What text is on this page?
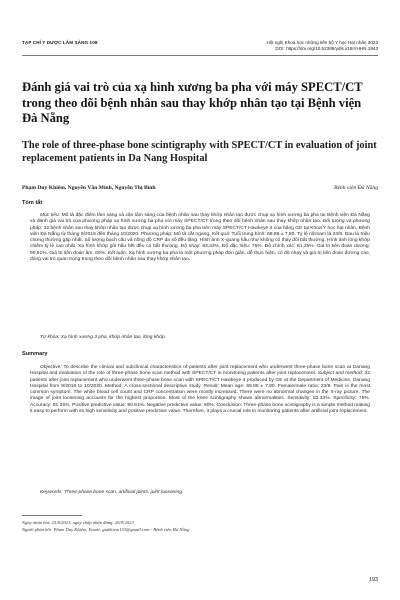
TẠP CHÍ Y DƯỢC LÂM SÀNG 108	Hội nghị Khoa học những tiến bộ Y học Hạt nhân 2023
DOI: https://doi.org/10.52389/ydls.v18iYHHN.1943
Đánh giá vai trò của xạ hình xương ba pha với máy SPECT/CT trong theo dõi bệnh nhân sau thay khớp nhân tạo tại Bệnh viện Đà Nẵng
The role of three-phase bone scintigraphy with SPECT/CT in evaluation of joint replacement patients in Da Nang Hospital
Phạm Duy Khiêm, Nguyễn Văn Minh, Nguyễn Thị Bình	Bệnh viện Đà Nẵng
Tóm tắt
Mục tiêu: Mô tả đặc điểm lâm sàng và cận lâm sàng của bệnh nhân sau thay khớp nhân tạo được chụp xạ hình xương ba pha tại Bệnh viện Đà Nẵng và đánh giá vai trò của phương pháp xạ hình xương ba pha với máy SPECT/CT trong theo dõi bệnh nhân sau thay khớp nhân tạo. Đối tượng và phương pháp: 32 bệnh nhân sau thay khớp nhân tạo được chụp xạ hình xương ba pha trên máy SPECT/CT Hawkeye 4 của hãng GE tại Khoa Y học hạt nhân, Bệnh viện Đà Nẵng từ tháng 9/2016 đến tháng 10/2020. Phương pháp: Mô tả cắt ngang. Kết quả: Tuổi trung bình: 69,88 ± 7,80. Tỷ lệ nữ/nam là 23/9. Đau là triệu chứng thường gặp nhất. Số lượng bạch cầu và nồng độ CRP đa số đều tăng. Hình ảnh X-quang hầu như không có thay đổi bất thường. Hình ảnh lỏng khớp chiếm tỷ lệ cao nhất. Xạ hình khớp gối hầu hết đều có bất thường. Độ nhạy: 83,33%. Độ đặc hiệu: 75%. Độ chính xác: 81,25%. Giá trị tiên đoán dương: 90,91%. Giá trị tiên đoán âm: 60%. Kết luận: Xạ hình xương ba pha là một phương pháp đơn giản, dễ thực hiện, có độ nhạy và giá trị tiên đoán dương cao, đóng vai trò quan trọng trong theo dõi bệnh nhân sau thay khớp nhân tạo.
Từ khóa: Xạ hình xương 3 pha, khớp nhân tạo, lỏng khớp.
Summary
Objective: To describe the clinical and subclinical characteristics of patients after joint replacement who underwent three-phase bone scan at Danang Hospital and evaluation of the role of three-phase bone scan method with SPECT/CT in monitoring patients after joint replacement. Subject and method: 32 patients after joint replacement who underwent three-phase bone scan with SPECT/CT Hawkeye 4 produced by GE at the Department of Medicine, Danang Hospital from 9/2016 to 10/2020. Method: A cross-sectional descriptive study. Result: Mean age: 69.88 ± 7.80. Female/male ratio: 23/9. Pain is the most common symptom. The white blood cell count and CRP concentration were mostly increased. There were no abnormal changes in the X-ray picture. The image of joint loosening accounts for the highest proportion. Most of the knee scintigraphy shows abnormalities. Sensitivity: 83.33%. Specificity: 75%. Accuracy: 81.25%. Positive predictive value: 90.91%. Negative predictive value: 60%. Conclusion: Three-phase bone scintigraphy is a simple method making it easy to perform with its high sensitivity and positive predictive value. Therefore, it plays a crucial role in monitoring patients after artificial joint replacement.
Keywords: Three-phase bone scan, artificial joints, joint loosening.
Ngày nhận bài: 25/8/2023, ngày chấp nhận đăng: 26/9/2023
Người phản hồi: Phạm Duy Khiêm, Email: giakhiem153@gmail.com - Bệnh viện Đà Nẵng
193
